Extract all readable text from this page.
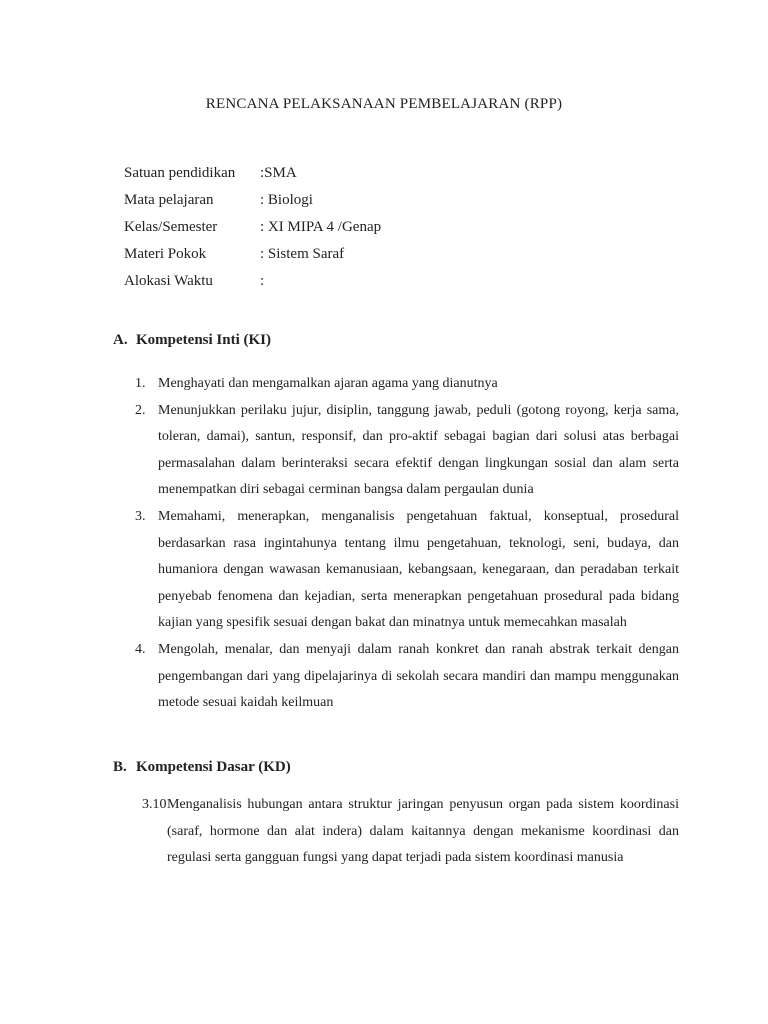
RENCANA PELAKSANAAN PEMBELAJARAN (RPP)
Satuan pendidikan :SMA
Mata pelajaran	: Biologi
Kelas/Semester	: XI MIPA 4 /Genap
Materi Pokok	: Sistem Saraf
Alokasi Waktu	:
A. Kompetensi Inti (KI)
1. Menghayati dan mengamalkan ajaran agama yang dianutnya
2. Menunjukkan perilaku jujur, disiplin, tanggung jawab, peduli (gotong royong, kerja sama, toleran, damai), santun, responsif, dan pro-aktif sebagai bagian dari solusi atas berbagai permasalahan dalam berinteraksi secara efektif dengan lingkungan sosial dan alam serta menempatkan diri sebagai cerminan bangsa dalam pergaulan dunia
3. Memahami, menerapkan, menganalisis pengetahuan faktual, konseptual, prosedural berdasarkan rasa ingintahunya tentang ilmu pengetahuan, teknologi, seni, budaya, dan humaniora dengan wawasan kemanusiaan, kebangsaan, kenegaraan, dan peradaban terkait penyebab fenomena dan kejadian, serta menerapkan pengetahuan prosedural pada bidang kajian yang spesifik sesuai dengan bakat dan minatnya untuk memecahkan masalah
4. Mengolah, menalar, dan menyaji dalam ranah konkret dan ranah abstrak terkait dengan pengembangan dari yang dipelajarinya di sekolah secara mandiri dan mampu menggunakan metode sesuai kaidah keilmuan
B. Kompetensi Dasar (KD)
3.10 Menganalisis hubungan antara struktur jaringan penyusun organ pada sistem koordinasi (saraf, hormone dan alat indera) dalam kaitannya dengan mekanisme koordinasi dan regulasi serta gangguan fungsi yang dapat terjadi pada sistem koordinasi manusia
